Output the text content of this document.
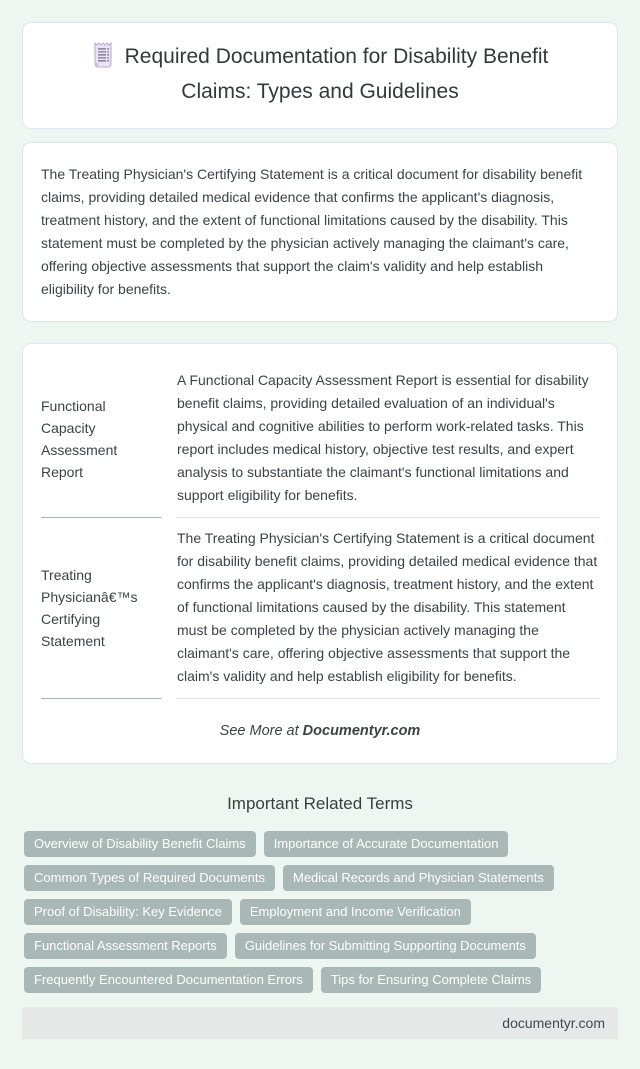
Required Documentation for Disability Benefit Claims: Types and Guidelines

The Treating Physician's Certifying Statement is a critical document for disability benefit claims, providing detailed medical evidence that confirms the applicant's diagnosis, treatment history, and the extent of functional limitations caused by the disability. This statement must be completed by the physician actively managing the claimant's care, offering objective assessments that support the claim's validity and help establish eligibility for benefits.

Functional Capacity Assessment Report
A Functional Capacity Assessment Report is essential for disability benefit claims, providing detailed evaluation of an individual's physical and cognitive abilities to perform work-related tasks. This report includes medical history, objective test results, and expert analysis to substantiate the claimant's functional limitations and support eligibility for benefits.
Treating Physicianâ€™s Certifying Statement
The Treating Physician's Certifying Statement is a critical document for disability benefit claims, providing detailed medical evidence that confirms the applicant's diagnosis, treatment history, and the extent of functional limitations caused by the disability. This statement must be completed by the physician actively managing the claimant's care, offering objective assessments that support the claim's validity and help establish eligibility for benefits.
See More at Documentyr.com
Important Related Terms
Overview of Disability Benefit Claims	Importance of Accurate Documentation
Common Types of Required Documents	Medical Records and Physician Statements
Proof of Disability: Key Evidence	Employment and Income Verification
Functional Assessment Reports	Guidelines for Submitting Supporting Documents
Frequently Encountered Documentation Errors	Tips for Ensuring Complete Claims
documentyr.com
